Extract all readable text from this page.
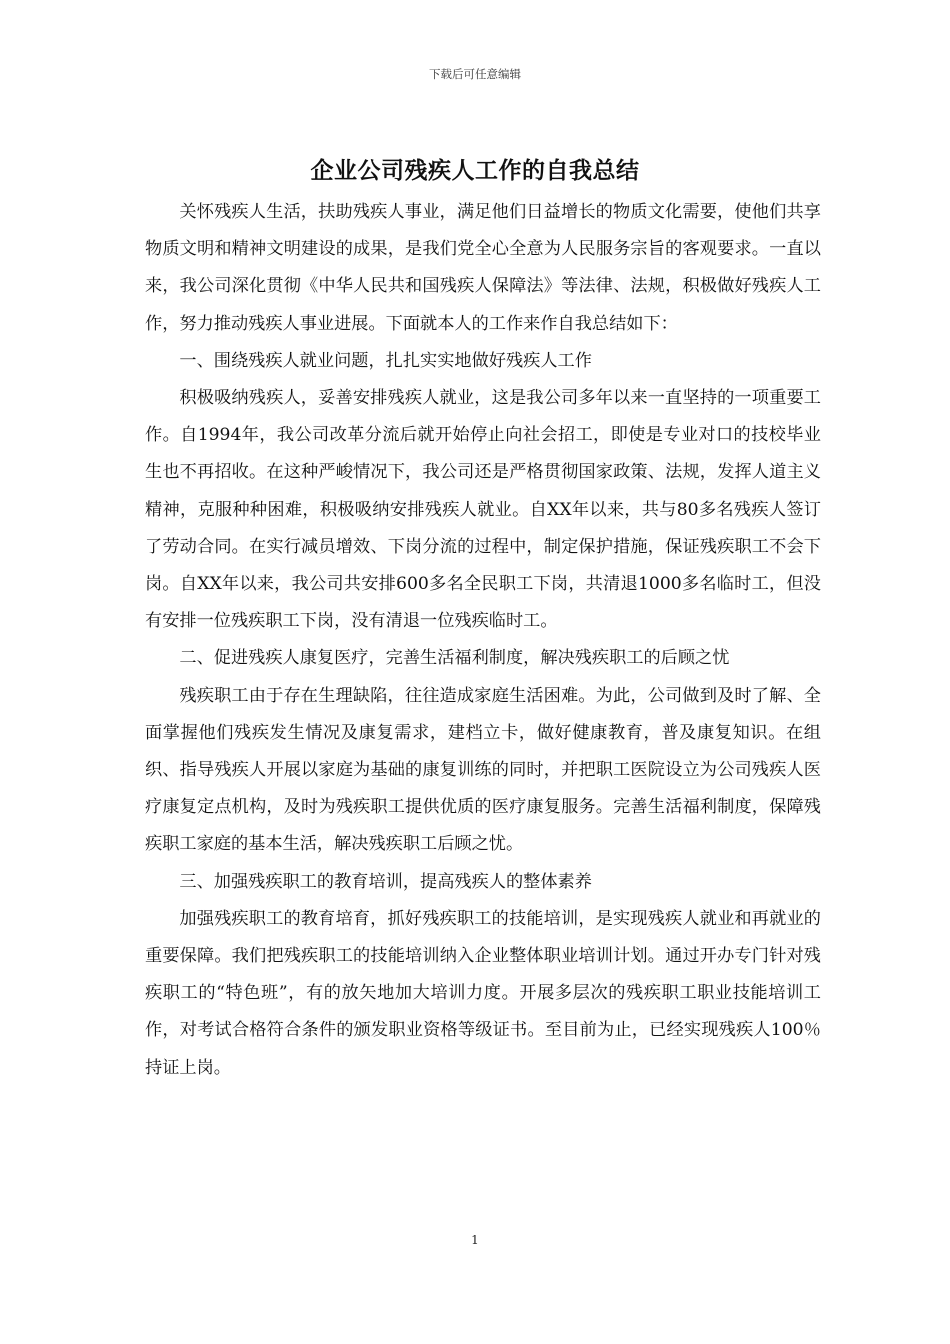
下载后可任意编辑
企业公司残疾人工作的自我总结

关怀残疾人生活，扶助残疾人事业，满足他们日益增长的物质文化需要，使他们共享物质文明和精神文明建设的成果，是我们党全心全意为人民服务宗旨的客观要求。一直以来，我公司深化贯彻《中华人民共和国残疾人保障法》等法律、法规，积极做好残疾人工作，努力推动残疾人事业进展。下面就本人的工作来作自我总结如下：

一、围绕残疾人就业问题，扎扎实实地做好残疾人工作

积极吸纳残疾人，妥善安排残疾人就业，这是我公司多年以来一直坚持的一项重要工作。自1994年，我公司改革分流后就开始停止向社会招工，即使是专业对口的技校毕业生也不再招收。在这种严峻情况下，我公司还是严格贯彻国家政策、法规，发挥人道主义精神，克服种种困难，积极吸纳安排残疾人就业。自XX年以来，共与80多名残疾人签订了劳动合同。在实行减员增效、下岗分流的过程中，制定保护措施，保证残疾职工不会下岗。自XX年以来，我公司共安排600多名全民职工下岗，共清退1000多名临时工，但没有安排一位残疾职工下岗，没有清退一位残疾临时工。

二、促进残疾人康复医疗，完善生活福利制度，解决残疾职工的后顾之忧

残疾职工由于存在生理缺陷，往往造成家庭生活困难。为此，公司做到及时了解、全面掌握他们残疾发生情况及康复需求，建档立卡，做好健康教育，普及康复知识。在组织、指导残疾人开展以家庭为基础的康复训练的同时，并把职工医院设立为公司残疾人医疗康复定点机构，及时为残疾职工提供优质的医疗康复服务。完善生活福利制度，保障残疾职工家庭的基本生活，解决残疾职工后顾之忧。

三、加强残疾职工的教育培训，提高残疾人的整体素养

加强残疾职工的教育培育，抓好残疾职工的技能培训，是实现残疾人就业和再就业的重要保障。我们把残疾职工的技能培训纳入企业整体职业培训计划。通过开办专门针对残疾职工的“特色班”，有的放矢地加大培训力度。开展多层次的残疾职工职业技能培训工作，对考试合格符合条件的颁发职业资格等级证书。至目前为止，已经实现残疾人100％持证上岗。

1
